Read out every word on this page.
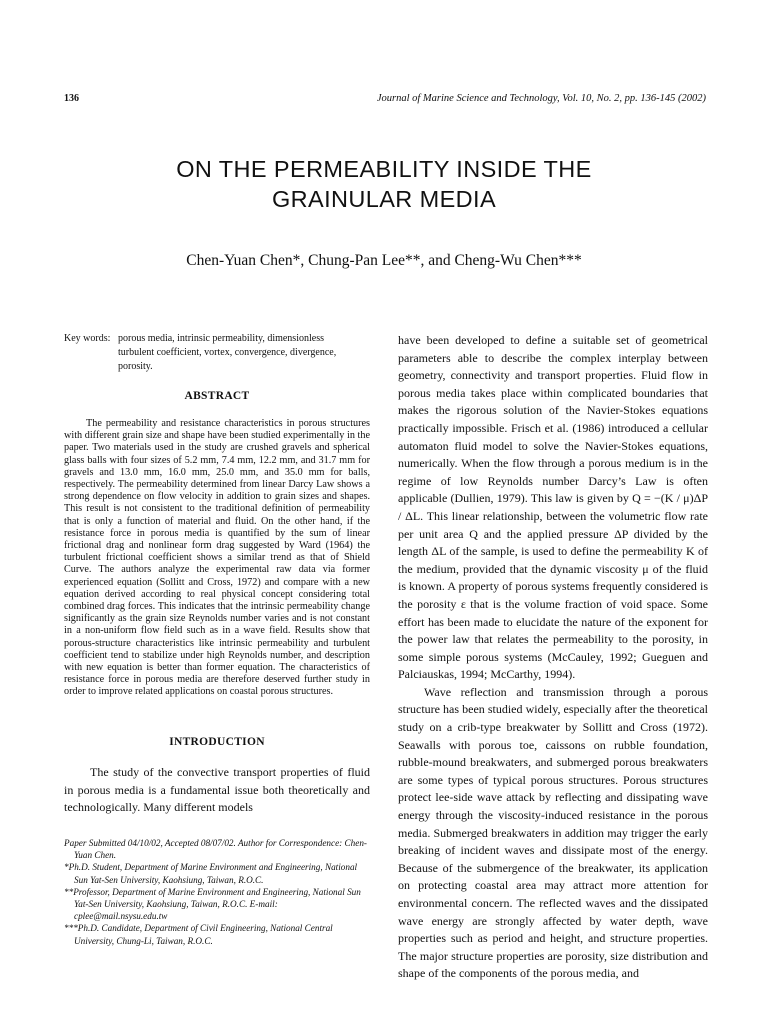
136	Journal of Marine Science and Technology, Vol. 10, No. 2, pp. 136-145 (2002)
ON THE PERMEABILITY INSIDE THE
GRAINULAR MEDIA
Chen-Yuan Chen*, Chung-Pan Lee**, and Cheng-Wu Chen***
Key words: porous media, intrinsic permeability, dimensionless turbulent coefficient, vortex, convergence, divergence, porosity.
ABSTRACT

The permeability and resistance characteristics in porous structures with different grain size and shape have been studied experimentally in the paper. Two materials used in the study are crushed gravels and spherical glass balls with four sizes of 5.2 mm, 7.4 mm, 12.2 mm, and 31.7 mm for gravels and 13.0 mm, 16.0 mm, 25.0 mm, and 35.0 mm for balls, respectively. The permeability determined from linear Darcy Law shows a strong dependence on flow velocity in addition to grain sizes and shapes. This result is not consistent to the traditional definition of permeability that is only a function of material and fluid. On the other hand, if the resistance force in porous media is quantified by the sum of linear frictional drag and nonlinear form drag suggested by Ward (1964) the turbulent frictional coefficient shows a similar trend as that of Shield Curve. The authors analyze the experimental raw data via former experienced equation (Sollitt and Cross, 1972) and compare with a new equation derived according to real physical concept considering total combined drag forces. This indicates that the intrinsic permeability change significantly as the grain size Reynolds number varies and is not constant in a non-uniform flow field such as in a wave field. Results show that porous-structure characteristics like intrinsic permeability and turbulent coefficient tend to stabilize under high Reynolds number, and description with new equation is better than former equation. The characteristics of resistance force in porous media are therefore deserved further study in order to improve related applications on coastal porous structures.

INTRODUCTION

The study of the convective transport properties of fluid in porous media is a fundamental issue both theoretically and technologically. Many different models

Paper Submitted 04/10/02, Accepted 08/07/02. Author for Correspondence: Chen-Yuan Chen.

*Ph.D. Student, Department of Marine Environment and Engineering, National Sun Yat-Sen University, Kaohsiung, Taiwan, R.O.C.

**Professor, Department of Marine Environment and Engineering, National Sun Yat-Sen University, Kaohsiung, Taiwan, R.O.C. E-mail: cplee@mail.nsysu.edu.tw

***Ph.D. Candidate, Department of Civil Engineering, National Central University, Chung-Li, Taiwan, R.O.C.

have been developed to define a suitable set of geometrical parameters able to describe the complex interplay between geometry, connectivity and transport properties. Fluid flow in porous media takes place within complicated boundaries that makes the rigorous solution of the Navier-Stokes equations practically impossible. Frisch et al. (1986) introduced a cellular automaton fluid model to solve the Navier-Stokes equations, numerically. When the flow through a porous medium is in the regime of low Reynolds number Darcy’s Law is often applicable (Dullien, 1979). This law is given by Q = −(K / μ)ΔP / ΔL. This linear relationship, between the volumetric flow rate per unit area Q and the applied pressure ΔP divided by the length ΔL of the sample, is used to define the permeability K of the medium, provided that the dynamic viscosity μ of the fluid is known. A property of porous systems frequently considered is the porosity ε that is the volume fraction of void space. Some effort has been made to elucidate the nature of the exponent for the power law that relates the permeability to the porosity, in some simple porous systems (McCauley, 1992; Gueguen and Palciauskas, 1994; McCarthy, 1994).

Wave reflection and transmission through a porous structure has been studied widely, especially after the theoretical study on a crib-type breakwater by Sollitt and Cross (1972). Seawalls with porous toe, caissons on rubble foundation, rubble-mound breakwaters, and submerged porous breakwaters are some types of typical porous structures. Porous structures protect lee-side wave attack by reflecting and dissipating wave energy through the viscosity-induced resistance in the porous media. Submerged breakwaters in addition may trigger the early breaking of incident waves and dissipate most of the energy. Because of the submergence of the breakwater, its application on protecting coastal area may attract more attention for environmental concern. The reflected waves and the dissipated wave energy are strongly affected by water depth, wave properties such as period and height, and structure properties. The major structure properties are porosity, size distribution and shape of the components of the porous media, and
